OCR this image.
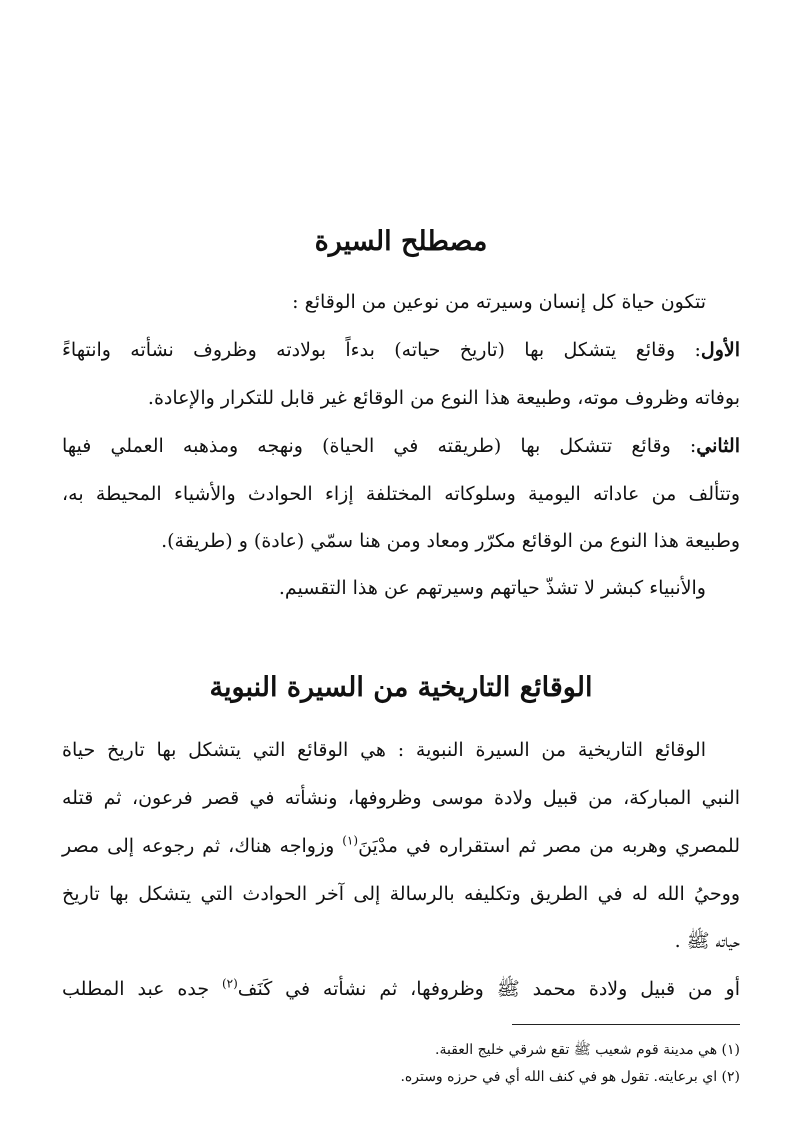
مصطلح السيرة
تتكون حياة كل إنسان وسيرته من نوعين من الوقائع :
الأول: وقائع يتشكل بها (تاريخ حياته) بدءاً بولادته وظروف نشأته وانتهاءً
بوفاته وظروف موته، وطبيعة هذا النوع من الوقائع غير قابل للتكرار والإعادة.
الثاني: وقائع تتشكل بها (طريقته في الحياة) ونهجه ومذهبه العملي فيها
وتتألف من عاداته اليومية وسلوكاته المختلفة إزاء الحوادث والأشياء المحيطة به،
وطبيعة هذا النوع من الوقائع مكرّر ومعاد ومن هنا سمّي (عادة) و (طريقة).
والأنبياء كبشر لا تشذّ حياتهم وسيرتهم عن هذا التقسيم.
الوقائع التاريخية من السيرة النبوية
الوقائع التاريخية من السيرة النبوية : هي الوقائع التي يتشكل بها تاريخ حياة
النبي المباركة، من قبيل ولادة موسى وظروفها، ونشأته في قصر فرعون، ثم قتله
للمصري وهربه من مصر ثم استقراره في مدْيَنَ$^{(١)}$ وزواجه هناك، ثم رجوعه إلى مصر
ووحيُ الله له في الطريق وتكليفه بالرسالة إلى آخر الحوادث التي يتشكل بها تاريخ
حياته ﷺ .
أو من قبيل ولادة محمد ﷺ وظروفها، ثم نشأته في كَنَف$^{(٢)}$ جده عبد المطلب
(١) هي مدينة قوم شعيب ﷺ تقع شرقي خليج العقبة.
(٢) اي برعايته. تقول هو في كنف الله أي في حرزه وستره.
